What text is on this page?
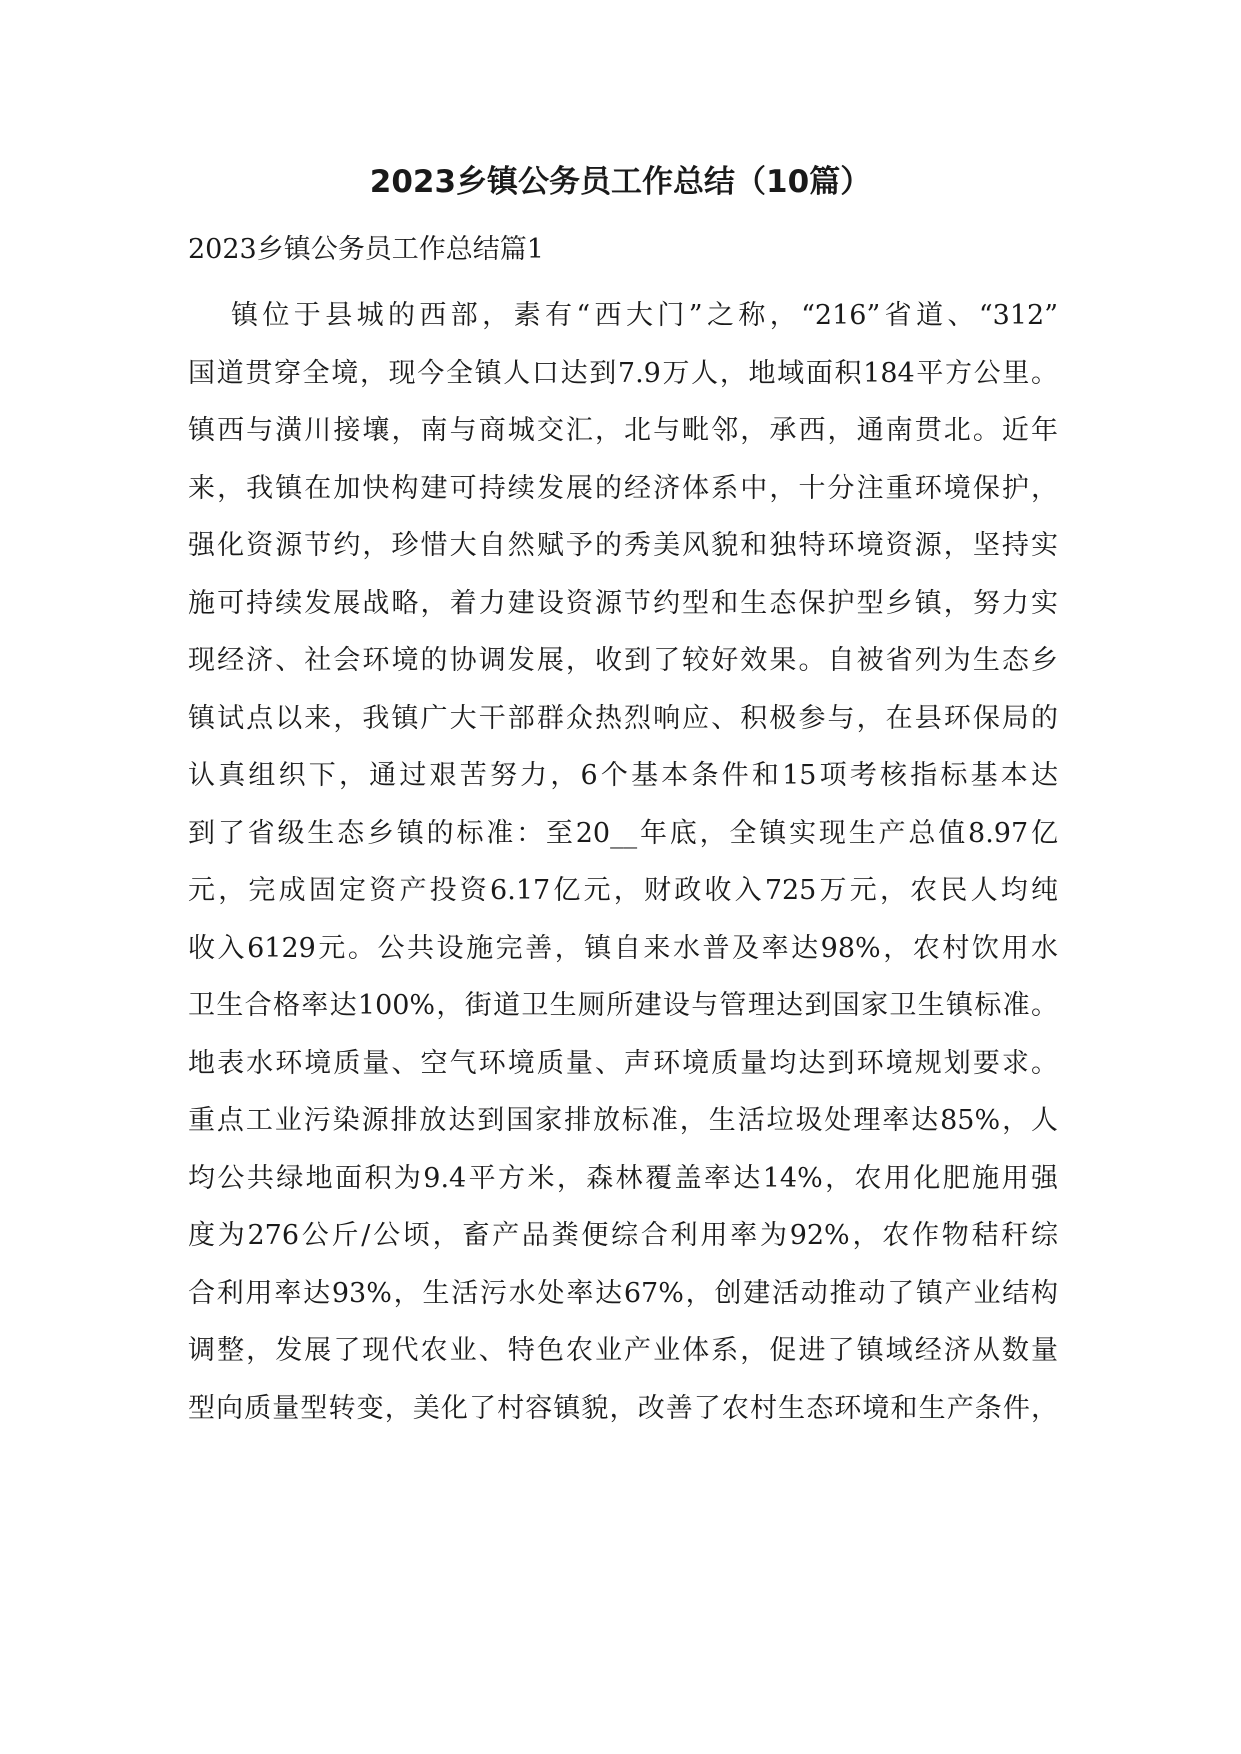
2023乡镇公务员工作总结（10篇）
2023乡镇公务员工作总结篇1
镇位于县城的西部，素有“西大门”之称，“216”省道、“312”
国道贯穿全境，现今全镇人口达到7.9万人，地域面积184平方公里。
镇西与潢川接壤，南与商城交汇，北与毗邻，承西，通南贯北。近年
来，我镇在加快构建可持续发展的经济体系中，十分注重环境保护，
强化资源节约，珍惜大自然赋予的秀美风貌和独特环境资源，坚持实
施可持续发展战略，着力建设资源节约型和生态保护型乡镇，努力实
现经济、社会环境的协调发展，收到了较好效果。自被省列为生态乡
镇试点以来，我镇广大干部群众热烈响应、积极参与，在县环保局的
认真组织下，通过艰苦努力，6个基本条件和15项考核指标基本达
到了省级生态乡镇的标准：至20__年底，全镇实现生产总值8.97亿
元，完成固定资产投资6.17亿元，财政收入725万元，农民人均纯
收入6129元。公共设施完善，镇自来水普及率达98%，农村饮用水
卫生合格率达100%，街道卫生厕所建设与管理达到国家卫生镇标准。
地表水环境质量、空气环境质量、声环境质量均达到环境规划要求。
重点工业污染源排放达到国家排放标准，生活垃圾处理率达85%，人
均公共绿地面积为9.4平方米，森林覆盖率达14%，农用化肥施用强
度为276公斤/公顷，畜产品粪便综合利用率为92%，农作物秸秆综
合利用率达93%，生活污水处率达67%，创建活动推动了镇产业结构
调整，发展了现代农业、特色农业产业体系，促进了镇域经济从数量
型向质量型转变，美化了村容镇貌，改善了农村生态环境和生产条件，
